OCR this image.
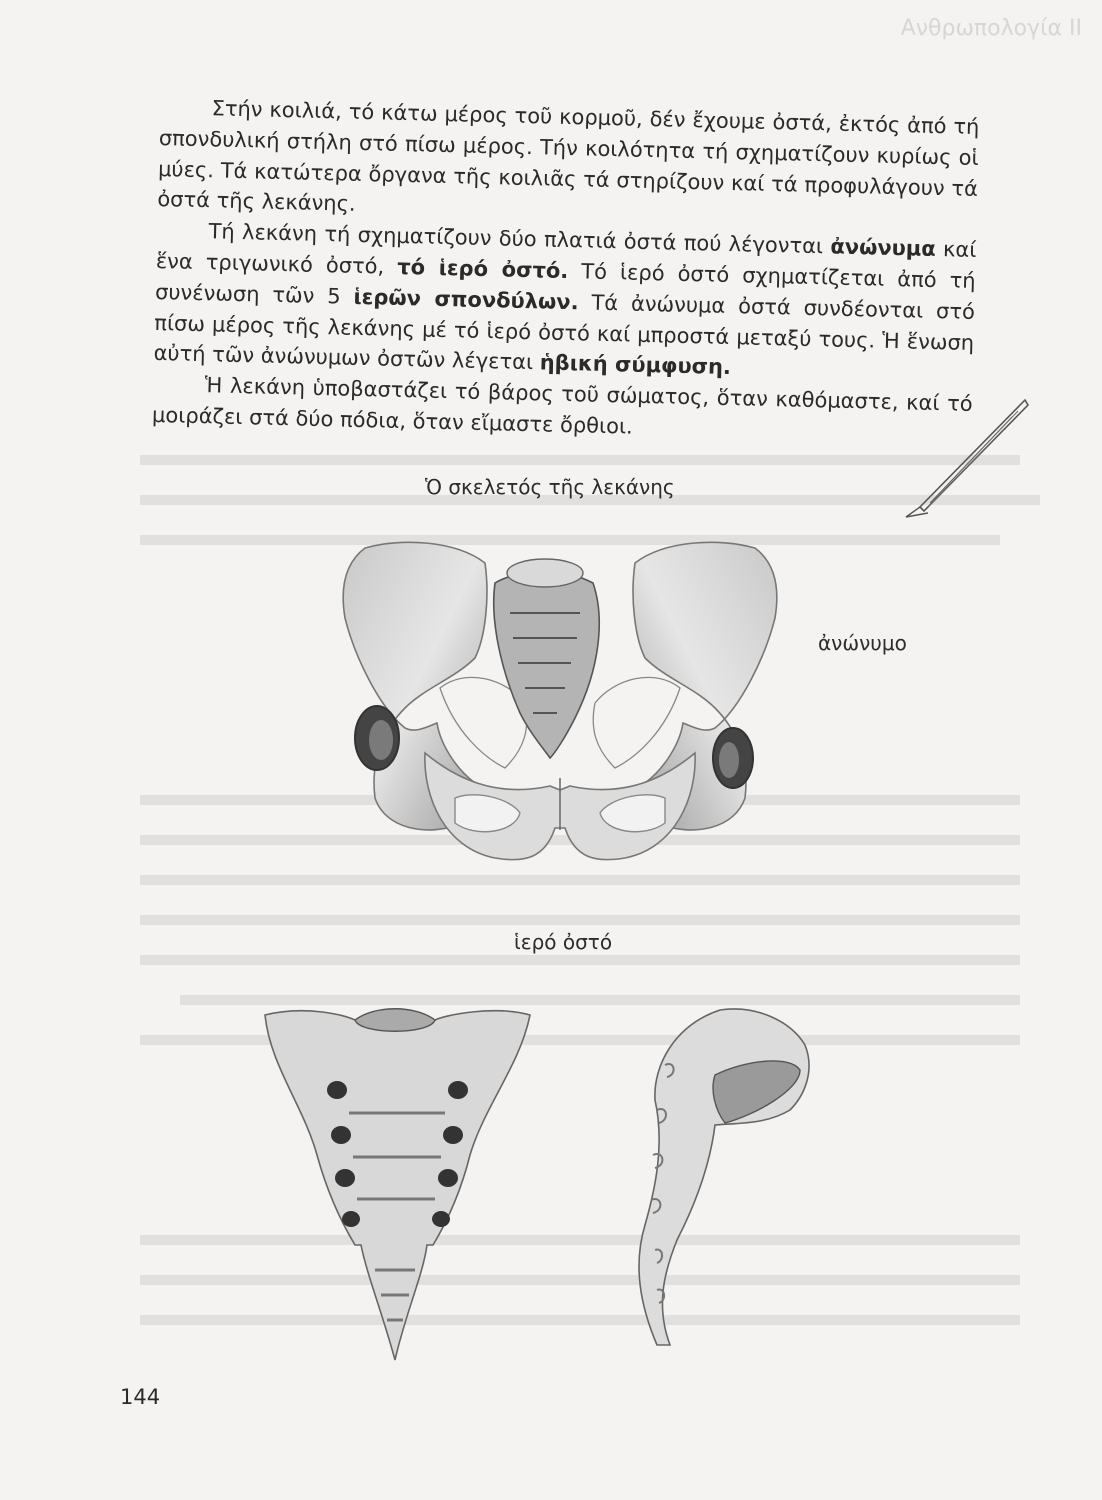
Ανθρωπολογία II

Στήν κοιλιά, τό κάτω μέρος τοῦ κορμοῦ, δέν ἔχουμε ὀστά, ἐκτός ἀπό τή σπονδυλική στήλη στό πίσω μέρος. Τήν κοιλότητα τή σχηματίζουν κυρίως οἱ μύες. Τά κατώτερα ὄργανα τῆς κοιλιᾶς τά στηρίζουν καί τά προφυλάγουν τά ὀστά τῆς λεκάνης.

Τή λεκάνη τή σχηματίζουν δύο πλατιά ὀστά πού λέγονται ἀνώνυμα καί ἕνα τριγωνικό ὀστό, τό ἱερό ὀστό. Τό ἱερό ὀστό σχηματίζεται ἀπό τή συνένωση τῶν 5 ἱερῶν σπονδύλων. Τά ἀνώνυμα ὀστά συνδέονται στό πίσω μέρος τῆς λεκάνης μέ τό ἱερό ὀστό καί μπροστά μεταξύ τους. Ἡ ἕνωση αὐτή τῶν ἀνώνυμων ὀστῶν λέγεται ἡβική σύμφυση.

Ἡ λεκάνη ὑποβαστάζει τό βάρος τοῦ σώματος, ὅταν καθόμαστε, καί τό μοιράζει στά δύο πόδια, ὅταν εἴμαστε ὄρθιοι.

Ὁ σκελετός τῆς λεκάνης
ἀνώνυμο
ἱερό ὀστό
144
